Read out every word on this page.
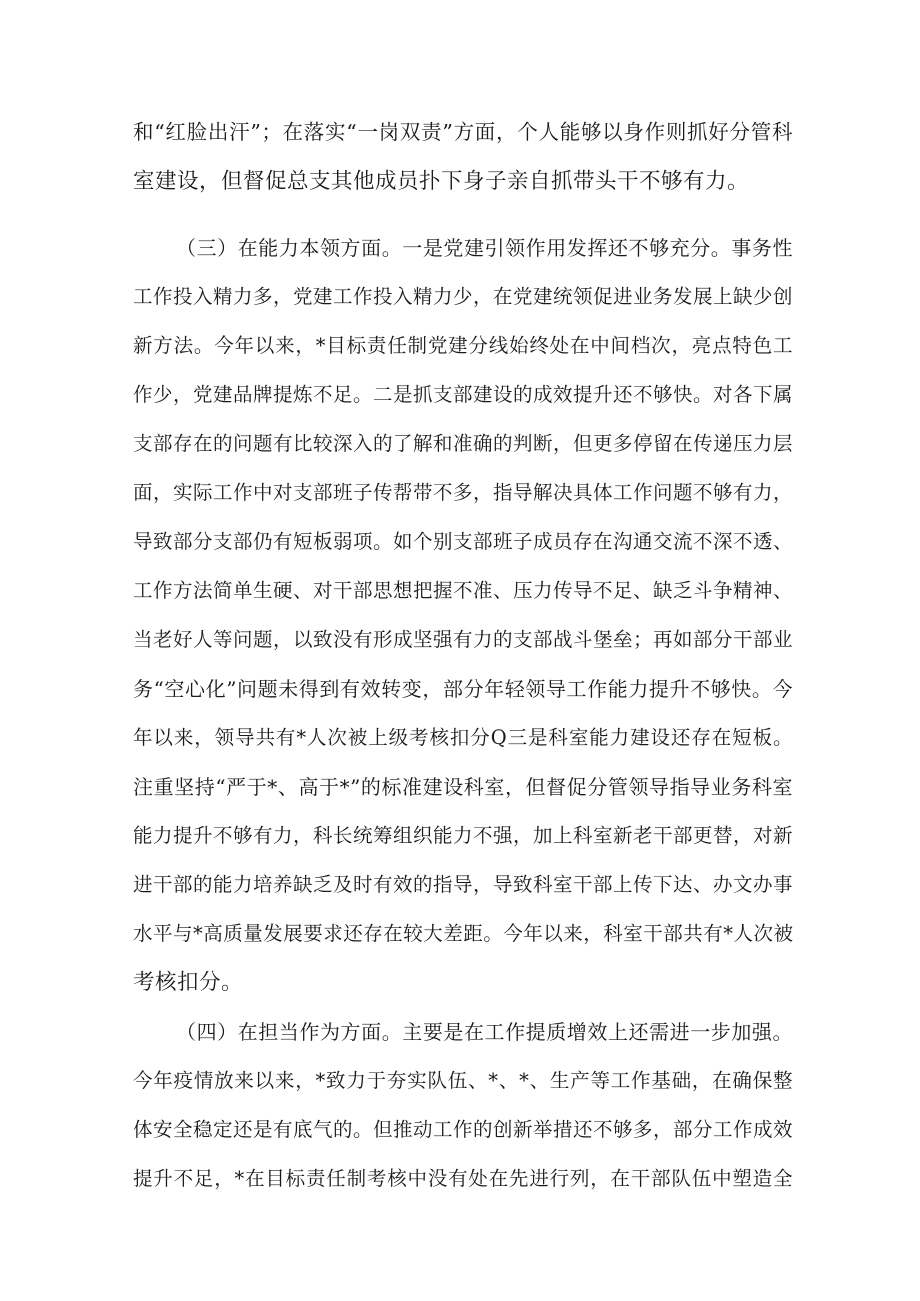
和“红脸出汗”；在落实“一岗双责”方面，个人能够以身作则抓好分管科
室建设，但督促总支其他成员扑下身子亲自抓带头干不够有力。
（三）在能力本领方面。一是党建引领作用发挥还不够充分。事务性
工作投入精力多，党建工作投入精力少，在党建统领促进业务发展上缺少创
新方法。今年以来，*目标责任制党建分线始终处在中间档次，亮点特色工
作少，党建品牌提炼不足。二是抓支部建设的成效提升还不够快。对各下属
支部存在的问题有比较深入的了解和准确的判断，但更多停留在传递压力层
面，实际工作中对支部班子传帮带不多，指导解决具体工作问题不够有力，
导致部分支部仍有短板弱项。如个别支部班子成员存在沟通交流不深不透、
工作方法简单生硬、对干部思想把握不准、压力传导不足、缺乏斗争精神、
当老好人等问题，以致没有形成坚强有力的支部战斗堡垒；再如部分干部业
务“空心化”问题未得到有效转变，部分年轻领导工作能力提升不够快。今
年以来，领导共有*人次被上级考核扣分Q三是科室能力建设还存在短板。
注重坚持“严于*、高于*”的标准建设科室，但督促分管领导指导业务科室
能力提升不够有力，科长统筹组织能力不强，加上科室新老干部更替，对新
进干部的能力培养缺乏及时有效的指导，导致科室干部上传下达、办文办事
水平与*高质量发展要求还存在较大差距。今年以来，科室干部共有*人次被
考核扣分。
（四）在担当作为方面。主要是在工作提质增效上还需进一步加强。
今年疫情放来以来，*致力于夯实队伍、*、*、生产等工作基础，在确保整
体安全稳定还是有底气的。但推动工作的创新举措还不够多，部分工作成效
提升不足，*在目标责任制考核中没有处在先进行列，在干部队伍中塑造全
